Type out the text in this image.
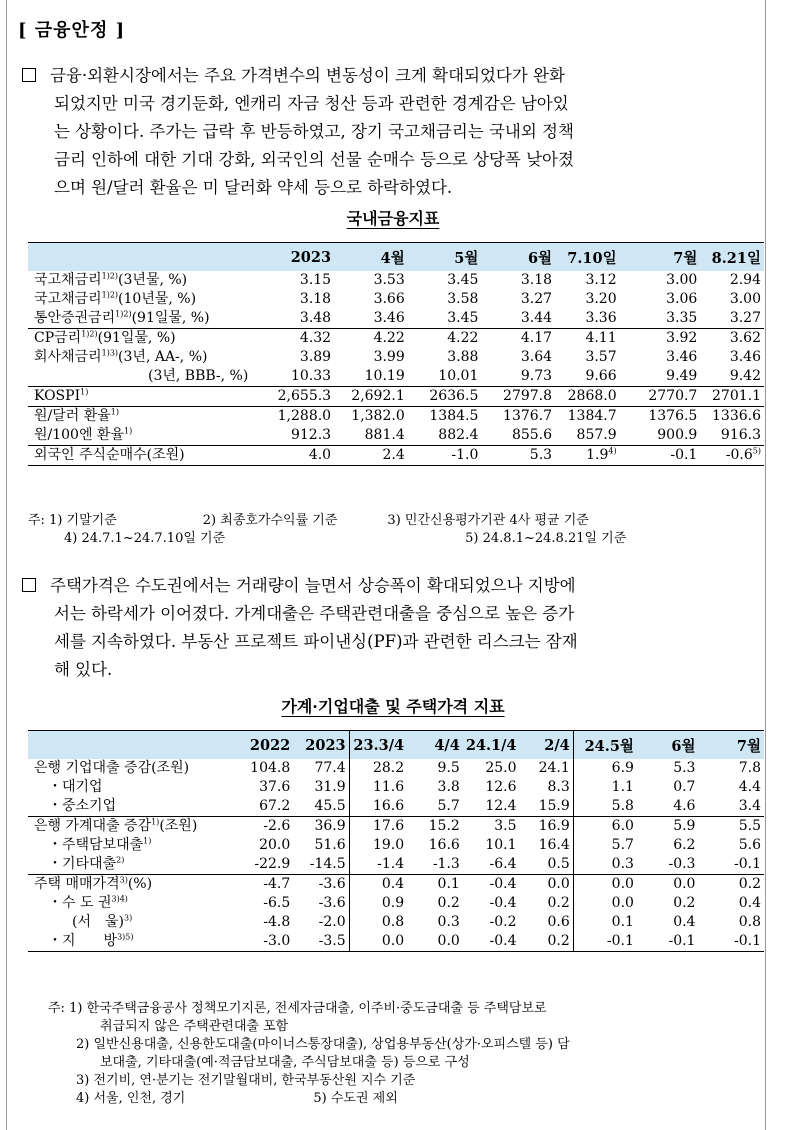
[ 금융안정 ]
금융·외환시장에서는 주요 가격변수의 변동성이 크게 확대되었다가 완화
되었지만 미국 경기둔화, 엔캐리 자금 청산 등과 관련한 경계감은 남아있
는 상황이다. 주가는 급락 후 반등하였고, 장기 국고채금리는 국내외 정책
금리 인하에 대한 기대 강화, 외국인의 선물 순매수 등으로 상당폭 낮아졌
으며 원/달러 환율은 미 달러화 약세 등으로 하락하였다.
국내금융지표
	2023	4월	5월	6월	7.10일	7월	8.21일
국고채금리$^{1)2)}$(3년물, %)	3.15	3.53	3.45	3.18	3.12	3.00	2.94
국고채금리$^{1)2)}$(10년물, %)	3.18	3.66	3.58	3.27	3.20	3.06	3.00
통안증권금리$^{1)2)}$(91일물, %)	3.48	3.46	3.45	3.44	3.36	3.35	3.27
CP금리$^{1)2)}$(91일물, %)	4.32	4.22	4.22	4.17	4.11	3.92	3.62
회사채금리$^{1)3)}$(3년, AA-, %)	3.89	3.99	3.88	3.64	3.57	3.46	3.46
(3년, BBB-, %)	10.33	10.19	10.01	9.73	9.66	9.49	9.42
KOSPI$^{1)}$	2,655.3	2,692.1	2636.5	2797.8	2868.0	2770.7	2701.1
원/달러 환율$^{1)}$	1,288.0	1,382.0	1384.5	1376.7	1384.7	1376.5	1336.6
원/100엔 환율$^{1)}$	912.3	881.4	882.4	855.6	857.9	900.9	916.3
외국인 주식순매수(조원)	4.0	2.4	-1.0	5.3	1.9$^{4)}$	-0.1	-0.6$^{5)}$
주: 1) 기말기준	2) 최종호가수익률 기준	3) 민간신용평가기관 4사 평균 기준
4) 24.7.1~24.7.10일 기준	5) 24.8.1~24.8.21일 기준
주택가격은 수도권에서는 거래량이 늘면서 상승폭이 확대되었으나 지방에
서는 하락세가 이어졌다. 가계대출은 주택관련대출을 중심으로 높은 증가
세를 지속하였다. 부동산 프로젝트 파이낸싱(PF)과 관련한 리스크는 잠재
해 있다.
가계·기업대출 및 주택가격 지표
	2022	2023	23.3/4	4/4	24.1/4	2/4	24.5월	6월	7월
은행 기업대출 증감(조원)	104.8	77.4	28.2	9.5	25.0	24.1	6.9	5.3	7.8
・대기업	37.6	31.9	11.6	3.8	12.6	8.3	1.1	0.7	4.4
・중소기업	67.2	45.5	16.6	5.7	12.4	15.9	5.8	4.6	3.4
은행 가계대출 증감$^{1)}$(조원)	-2.6	36.9	17.6	15.2	3.5	16.9	6.0	5.9	5.5
・주택담보대출$^{1)}$	20.0	51.6	19.0	16.6	10.1	16.4	5.7	6.2	5.6
・기타대출$^{2)}$	-22.9	-14.5	-1.4	-1.3	-6.4	0.5	0.3	-0.3	-0.1
주택 매매가격$^{3)}$(%)	-4.7	-3.6	0.4	0.1	-0.4	0.0	0.0	0.0	0.2
・수 도 권$^{3)4)}$	-6.5	-3.6	0.9	0.2	-0.4	0.2	0.0	0.2	0.4
(서　울)$^{3)}$	-4.8	-2.0	0.8	0.3	-0.2	0.6	0.1	0.4	0.8
・지　　방$^{3)5)}$	-3.0	-3.5	0.0	0.0	-0.4	0.2	-0.1	-0.1	-0.1
주: 1) 한국주택금융공사 정책모기지론, 전세자금대출, 이주비·중도금대출 등 주택담보로
취급되지 않은 주택관련대출 포함
2) 일반신용대출, 신용한도대출(마이너스통장대출), 상업용부동산(상가·오피스텔 등) 담
보대출, 기타대출(예·적금담보대출, 주식담보대출 등) 등으로 구성
3) 전기비, 연·분기는 전기말월대비, 한국부동산원 지수 기준
4) 서울, 인천, 경기	5) 수도권 제외
